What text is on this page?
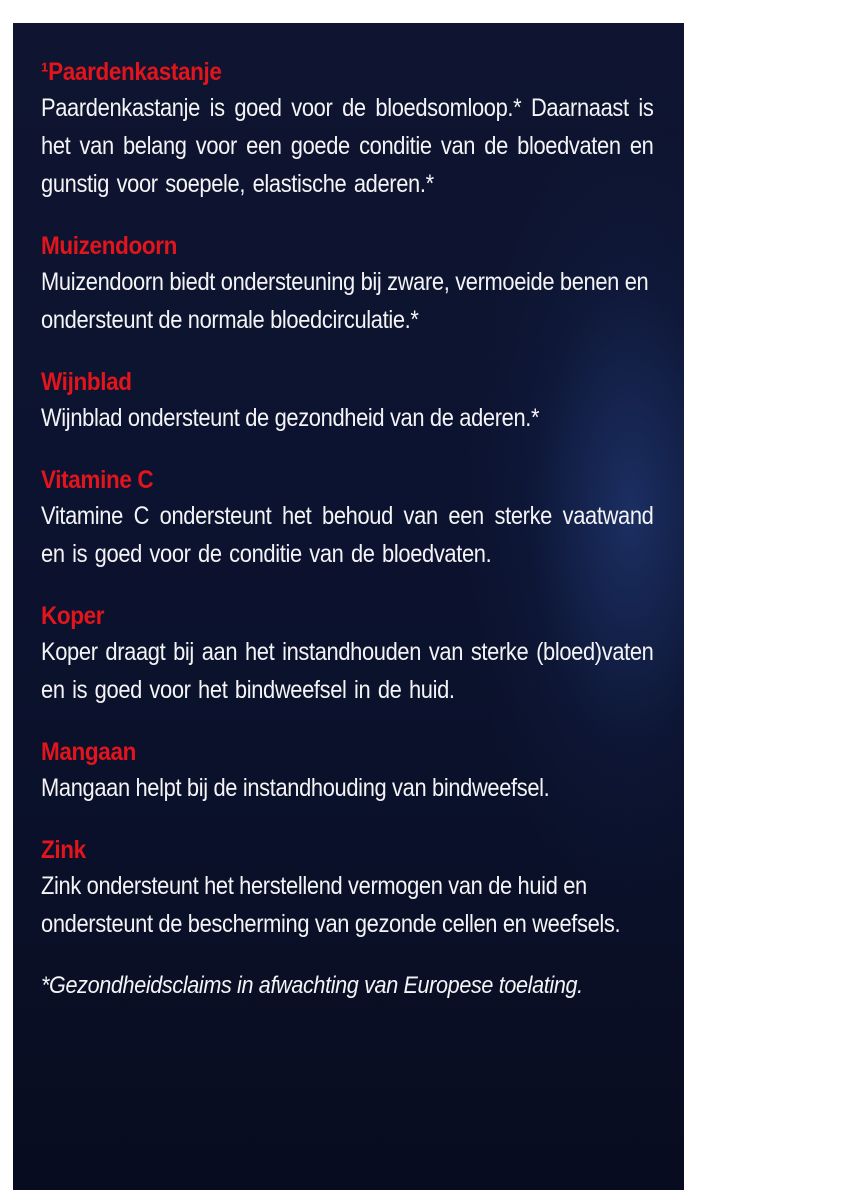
¹Paardenkastanje
Paardenkastanje is goed voor de bloedsomloop.* Daarnaast is het van belang voor een goede conditie van de bloedvaten en gunstig voor soepele, elastische aderen.*
Muizendoorn
Muizendoorn biedt ondersteuning bij zware, vermoeide benen en ondersteunt de normale bloedcirculatie.*
Wijnblad
Wijnblad ondersteunt de gezondheid van de aderen.*
Vitamine C
Vitamine C ondersteunt het behoud van een sterke vaatwand en is goed voor de conditie van de bloedvaten.
Koper
Koper draagt bij aan het instandhouden van sterke (bloed)vaten en is goed voor het bindweefsel in de huid.
Mangaan
Mangaan helpt bij de instandhouding van bindweefsel.
Zink
Zink ondersteunt het herstellend vermogen van de huid en ondersteunt de bescherming van gezonde cellen en weefsels.
*Gezondheidsclaims in afwachting van Europese toelating.
